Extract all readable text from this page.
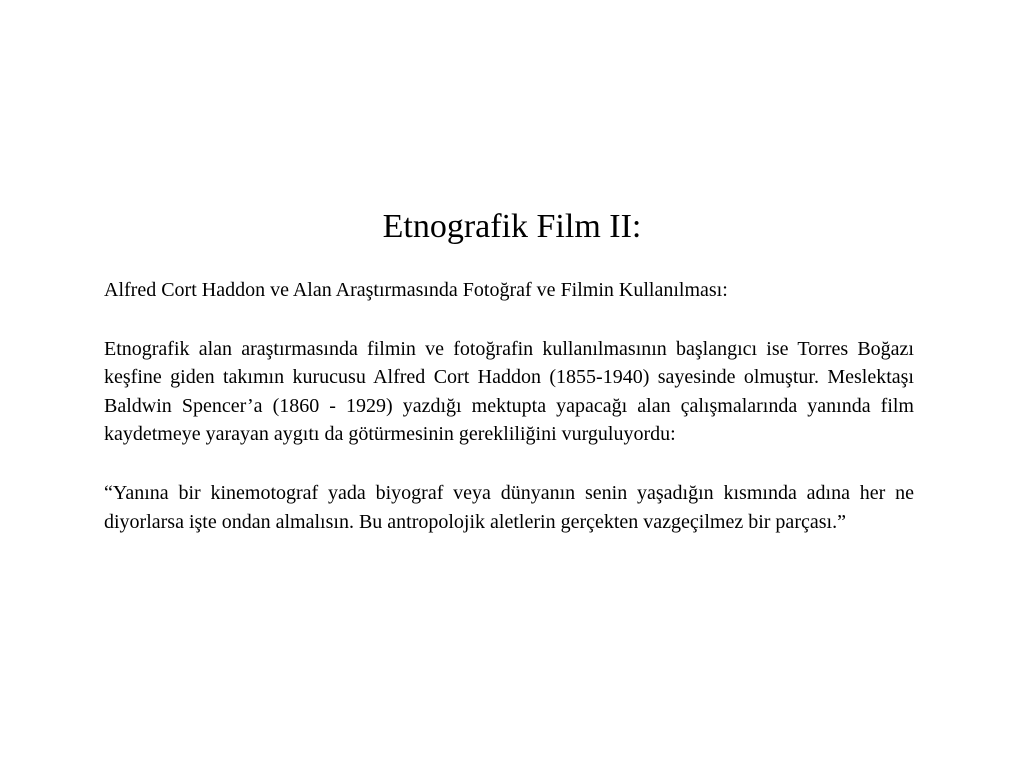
Etnografik Film II:

Alfred Cort Haddon ve Alan Araştırmasında Fotoğraf ve Filmin Kullanılması:

Etnografik alan araştırmasında filmin ve fotoğrafin kullanılmasının başlangıcı ise Torres Boğazı keşfine giden takımın kurucusu Alfred Cort Haddon (1855-1940) sayesinde olmuştur. Meslektaşı Baldwin Spencer’a (1860 - 1929) yazdığı mektupta yapacağı alan çalışmalarında yanında film kaydetmeye yarayan aygıtı da götürmesinin gerekliliğini vurguluyordu:

“Yanına bir kinemotograf yada biyograf veya dünyanın senin yaşadığın kısmında adına her ne diyorlarsa işte ondan almalısın. Bu antropolojik aletlerin gerçekten vazgeçilmez bir parçası.”
